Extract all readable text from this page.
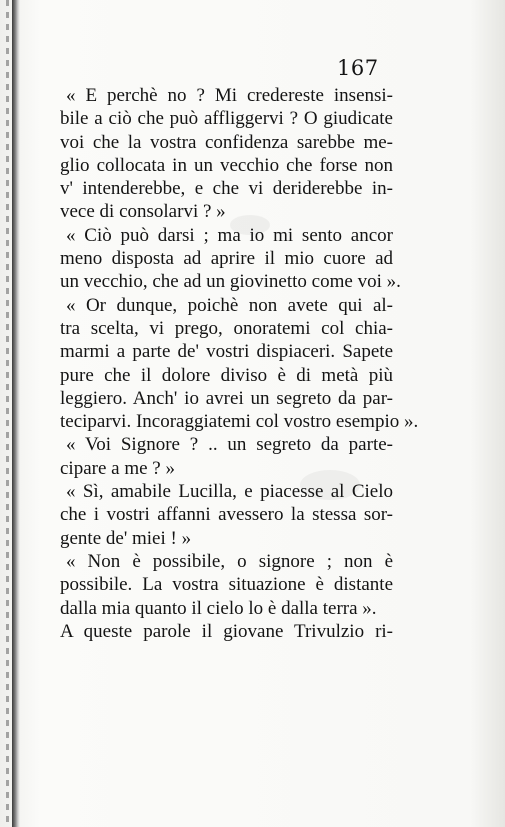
167
« E perchè no ? Mi credereste insensi-
bile a ciò che può affliggervi ? O giudicate
voi che la vostra confidenza sarebbe me-
glio collocata in un vecchio che forse non
v' intenderebbe, e che vi deriderebbe in-
vece di consolarvi ? »
« Ciò può darsi ; ma io mi sento ancor
meno disposta ad aprire il mio cuore ad
un vecchio, che ad un giovinetto come voi ».
« Or dunque, poichè non avete qui al-
tra scelta, vi prego, onoratemi col chia-
marmi a parte de' vostri dispiaceri. Sapete
pure che il dolore diviso è di metà più
leggiero. Anch' io avrei un segreto da par-
teciparvi. Incoraggiatemi col vostro esempio ».
« Voi Signore ? .. un segreto da parte-
cipare a me ? »
« Sì, amabile Lucilla, e piacesse al Cielo
che i vostri affanni avessero la stessa sor-
gente de' miei ! »
« Non è possibile, o signore ; non è
possibile. La vostra situazione è distante
dalla mia quanto il cielo lo è dalla terra ».
A queste parole il giovane Trivulzio ri-
